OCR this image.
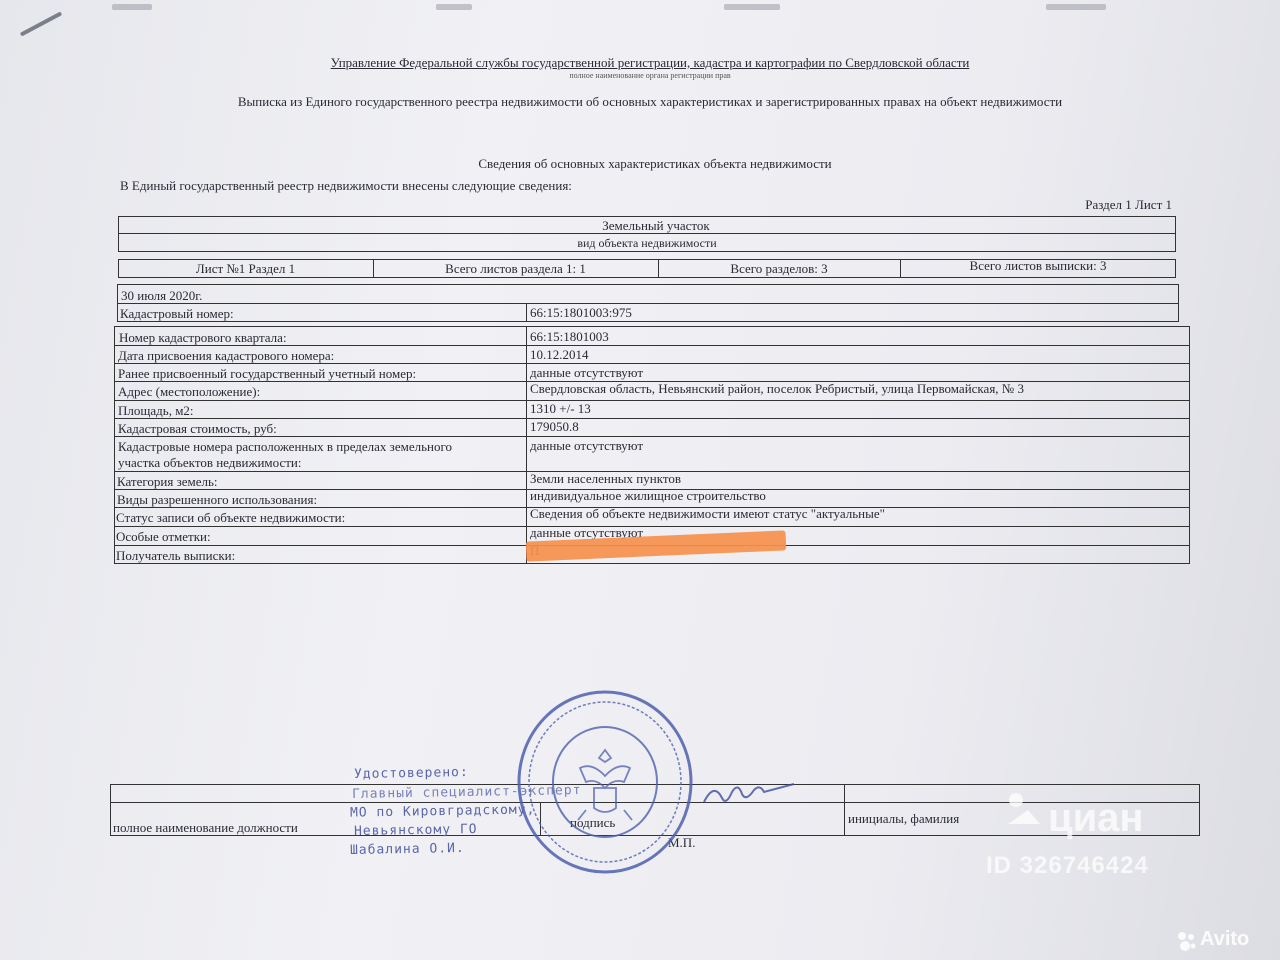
Управление Федеральной службы государственной регистрации, кадастра и картографии по Свердловской области
полное наименование органа регистрации прав
Выписка из Единого государственного реестра недвижимости об основных характеристиках и зарегистрированных правах на объект недвижимости
Сведения об основных характеристиках объекта недвижимости
В Единый государственный реестр недвижимости внесены следующие сведения:
Раздел 1 Лист 1
Земельный участок
вид объекта недвижимости
Лист №1 Раздел 1	Всего листов раздела 1: 1	Всего разделов: 3	Всего листов выписки: 3
30 июля 2020г.
Кадастровый номер:	66:15:1801003:975
Номер кадастрового квартала:	66:15:1801003
Дата присвоения кадастрового номера:	10.12.2014
Ранее присвоенный государственный учетный номер:	данные отсутствуют
Адрес (местоположение):	Свердловская область, Невьянский район, поселок Ребристый, улица Первомайская, № 3
Площадь, м2:	1310 +/- 13
Кадастровая стоимость, руб:	179050.8
Кадастровые номера расположенных в пределах земельного
участка объектов недвижимости:
данные отсутствуют
Категория земель:	Земли населенных пунктов
Виды разрешенного использования:	индивидуальное жилищное строительство
Статус записи об объекте недвижимости:	Сведения об объекте недвижимости имеют статус "актуальные"
Особые отметки:	данные отсутствуют
Получатель выписки:
полное наименование должности	подпись	инициалы, фамилия
М.П.
Удостоверено:
Главный специалист-эксперт
МО по Кировградскому,
Невьянскому ГО
Шабалина О.И.
циан
ID 326746424
Avito
